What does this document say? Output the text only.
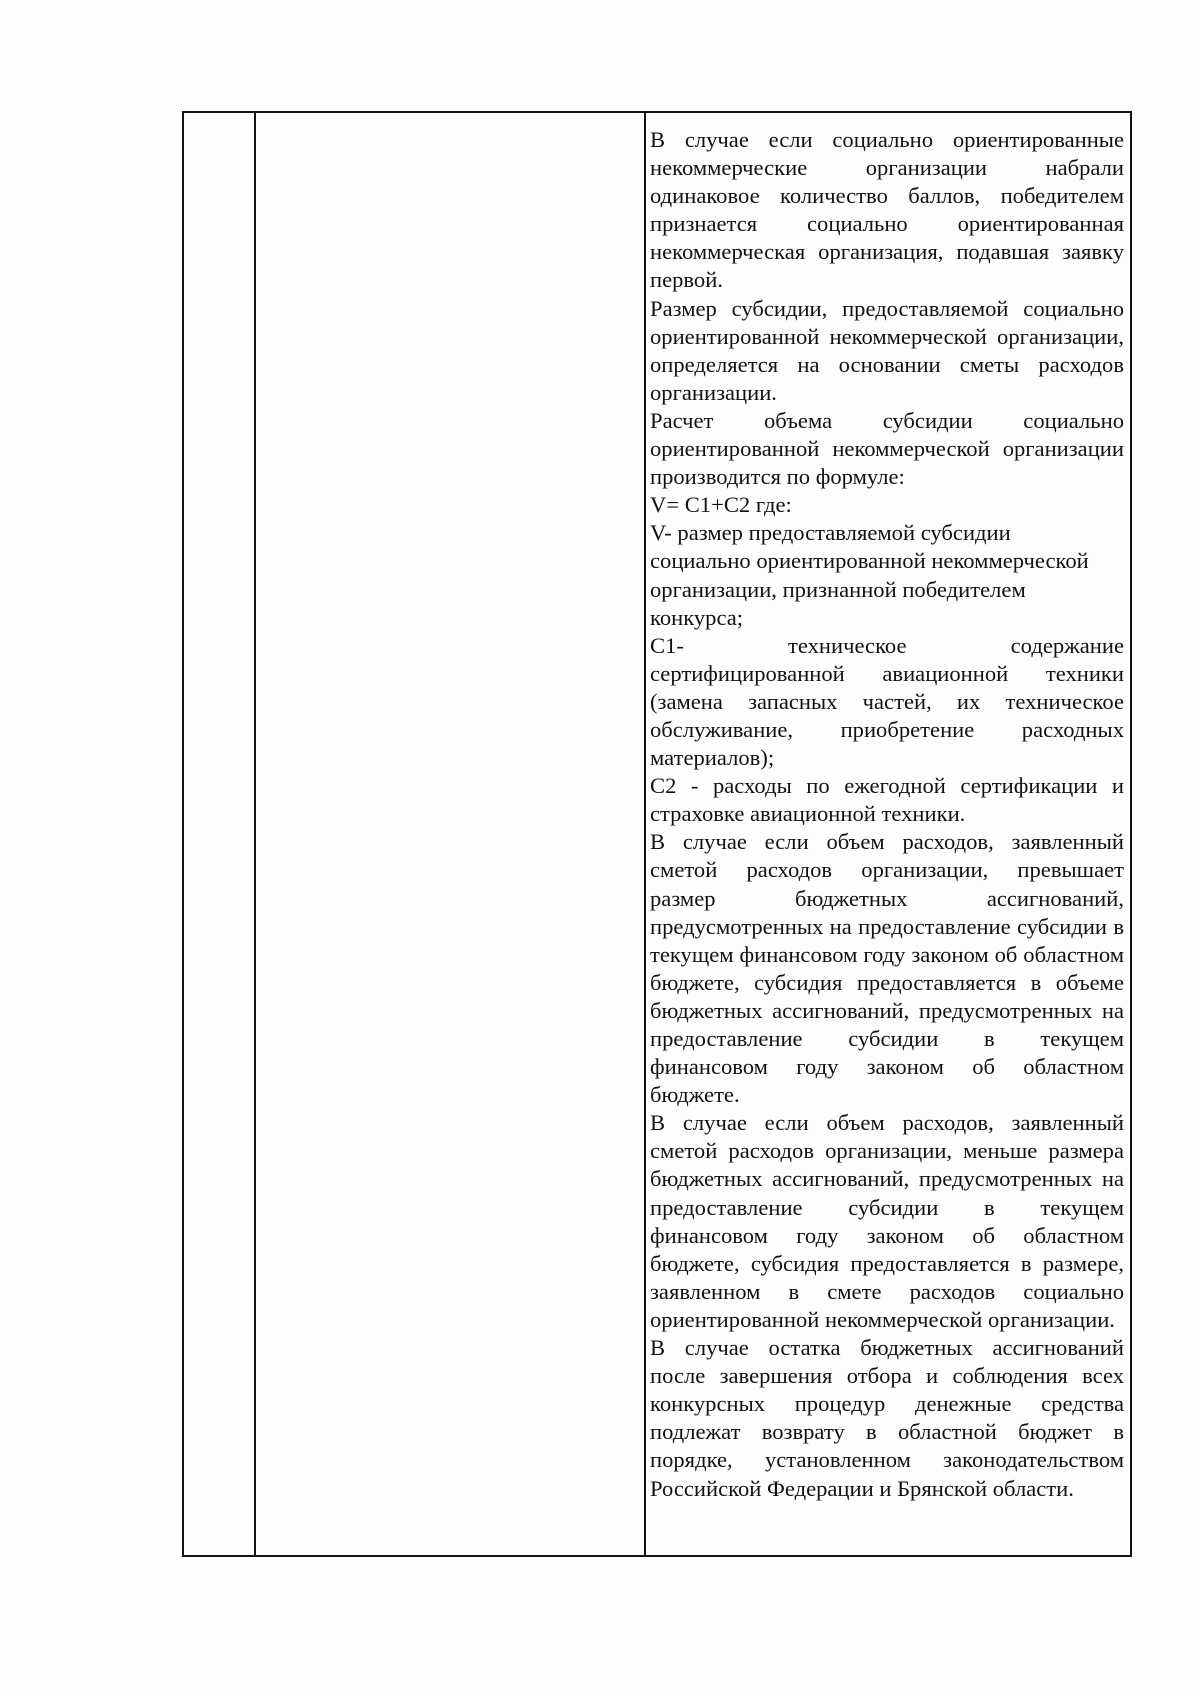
В случае если социально ориентированные некоммерческие организации набрали одинаковое количество баллов, победителем признается социально ориентированная некоммерческая организация, подавшая заявку первой.

Размер субсидии, предоставляемой социально ориентированной некоммерческой организации, определяется на основании сметы расходов организации.

Расчет объема субсидии социально ориентированной некоммерческой организации производится по формуле:

V= C1+C2 где:

V- размер предоставляемой субсидии

социально ориентированной некоммерческой

организации, признанной победителем

конкурса;

С1- техническое содержание сертифицированной авиационной техники (замена запасных частей, их техническое обслуживание, приобретение расходных материалов);

С2 - расходы по ежегодной сертификации и страховке авиационной техники.

В случае если объем расходов, заявленный сметой расходов организации, превышает размер бюджетных ассигнований, предусмотренных на предоставление субсидии в текущем финансовом году законом об областном бюджете, субсидия предоставляется в объеме бюджетных ассигнований, предусмотренных на предоставление субсидии в текущем финансовом году законом об областном бюджете.

В случае если объем расходов, заявленный сметой расходов организации, меньше размера бюджетных ассигнований, предусмотренных на предоставление субсидии в текущем финансовом году законом об областном бюджете, субсидия предоставляется в размере, заявленном в смете расходов социально ориентированной некоммерческой организации.

В случае остатка бюджетных ассигнований после завершения отбора и соблюдения всех конкурсных процедур денежные средства подлежат возврату в областной бюджет в порядке, установленном законодательством Российской Федерации и Брянской области.
